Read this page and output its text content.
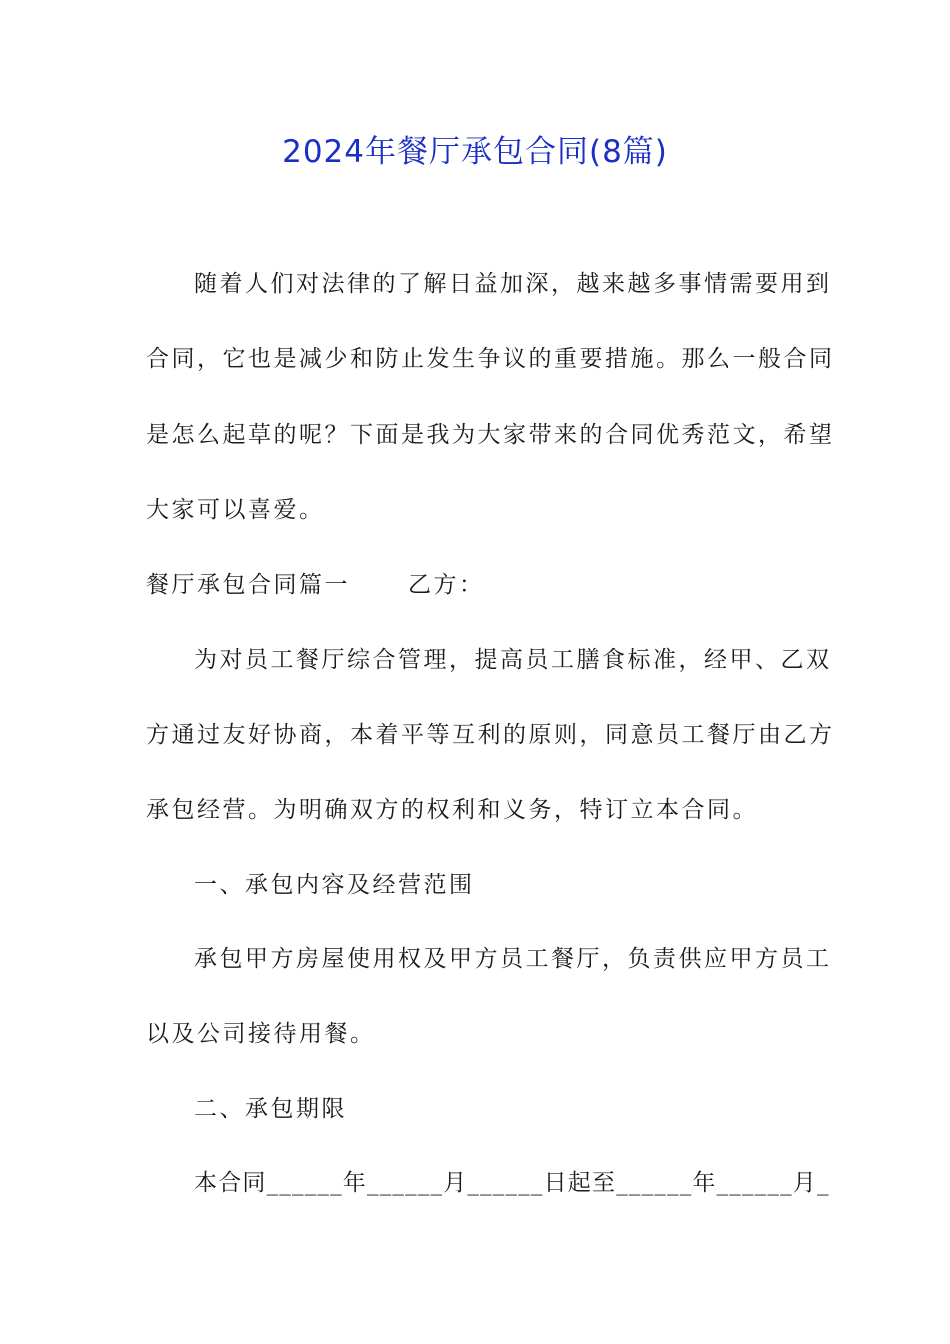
2024年餐厅承包合同(8篇)
随着人们对法律的了解日益加深，越来越多事情需要用到
合同，它也是减少和防止发生争议的重要措施。那么一般合同
是怎么起草的呢？下面是我为大家带来的合同优秀范文，希望
大家可以喜爱。
餐厅承包合同篇一	乙方：
为对员工餐厅综合管理，提高员工膳食标准，经甲、乙双
方通过友好协商，本着平等互利的原则，同意员工餐厅由乙方
承包经营。为明确双方的权利和义务，特订立本合同。
一、承包内容及经营范围
承包甲方房屋使用权及甲方员工餐厅，负责供应甲方员工
以及公司接待用餐。
二、承包期限
本合同______年______月______日起至______年______月_
